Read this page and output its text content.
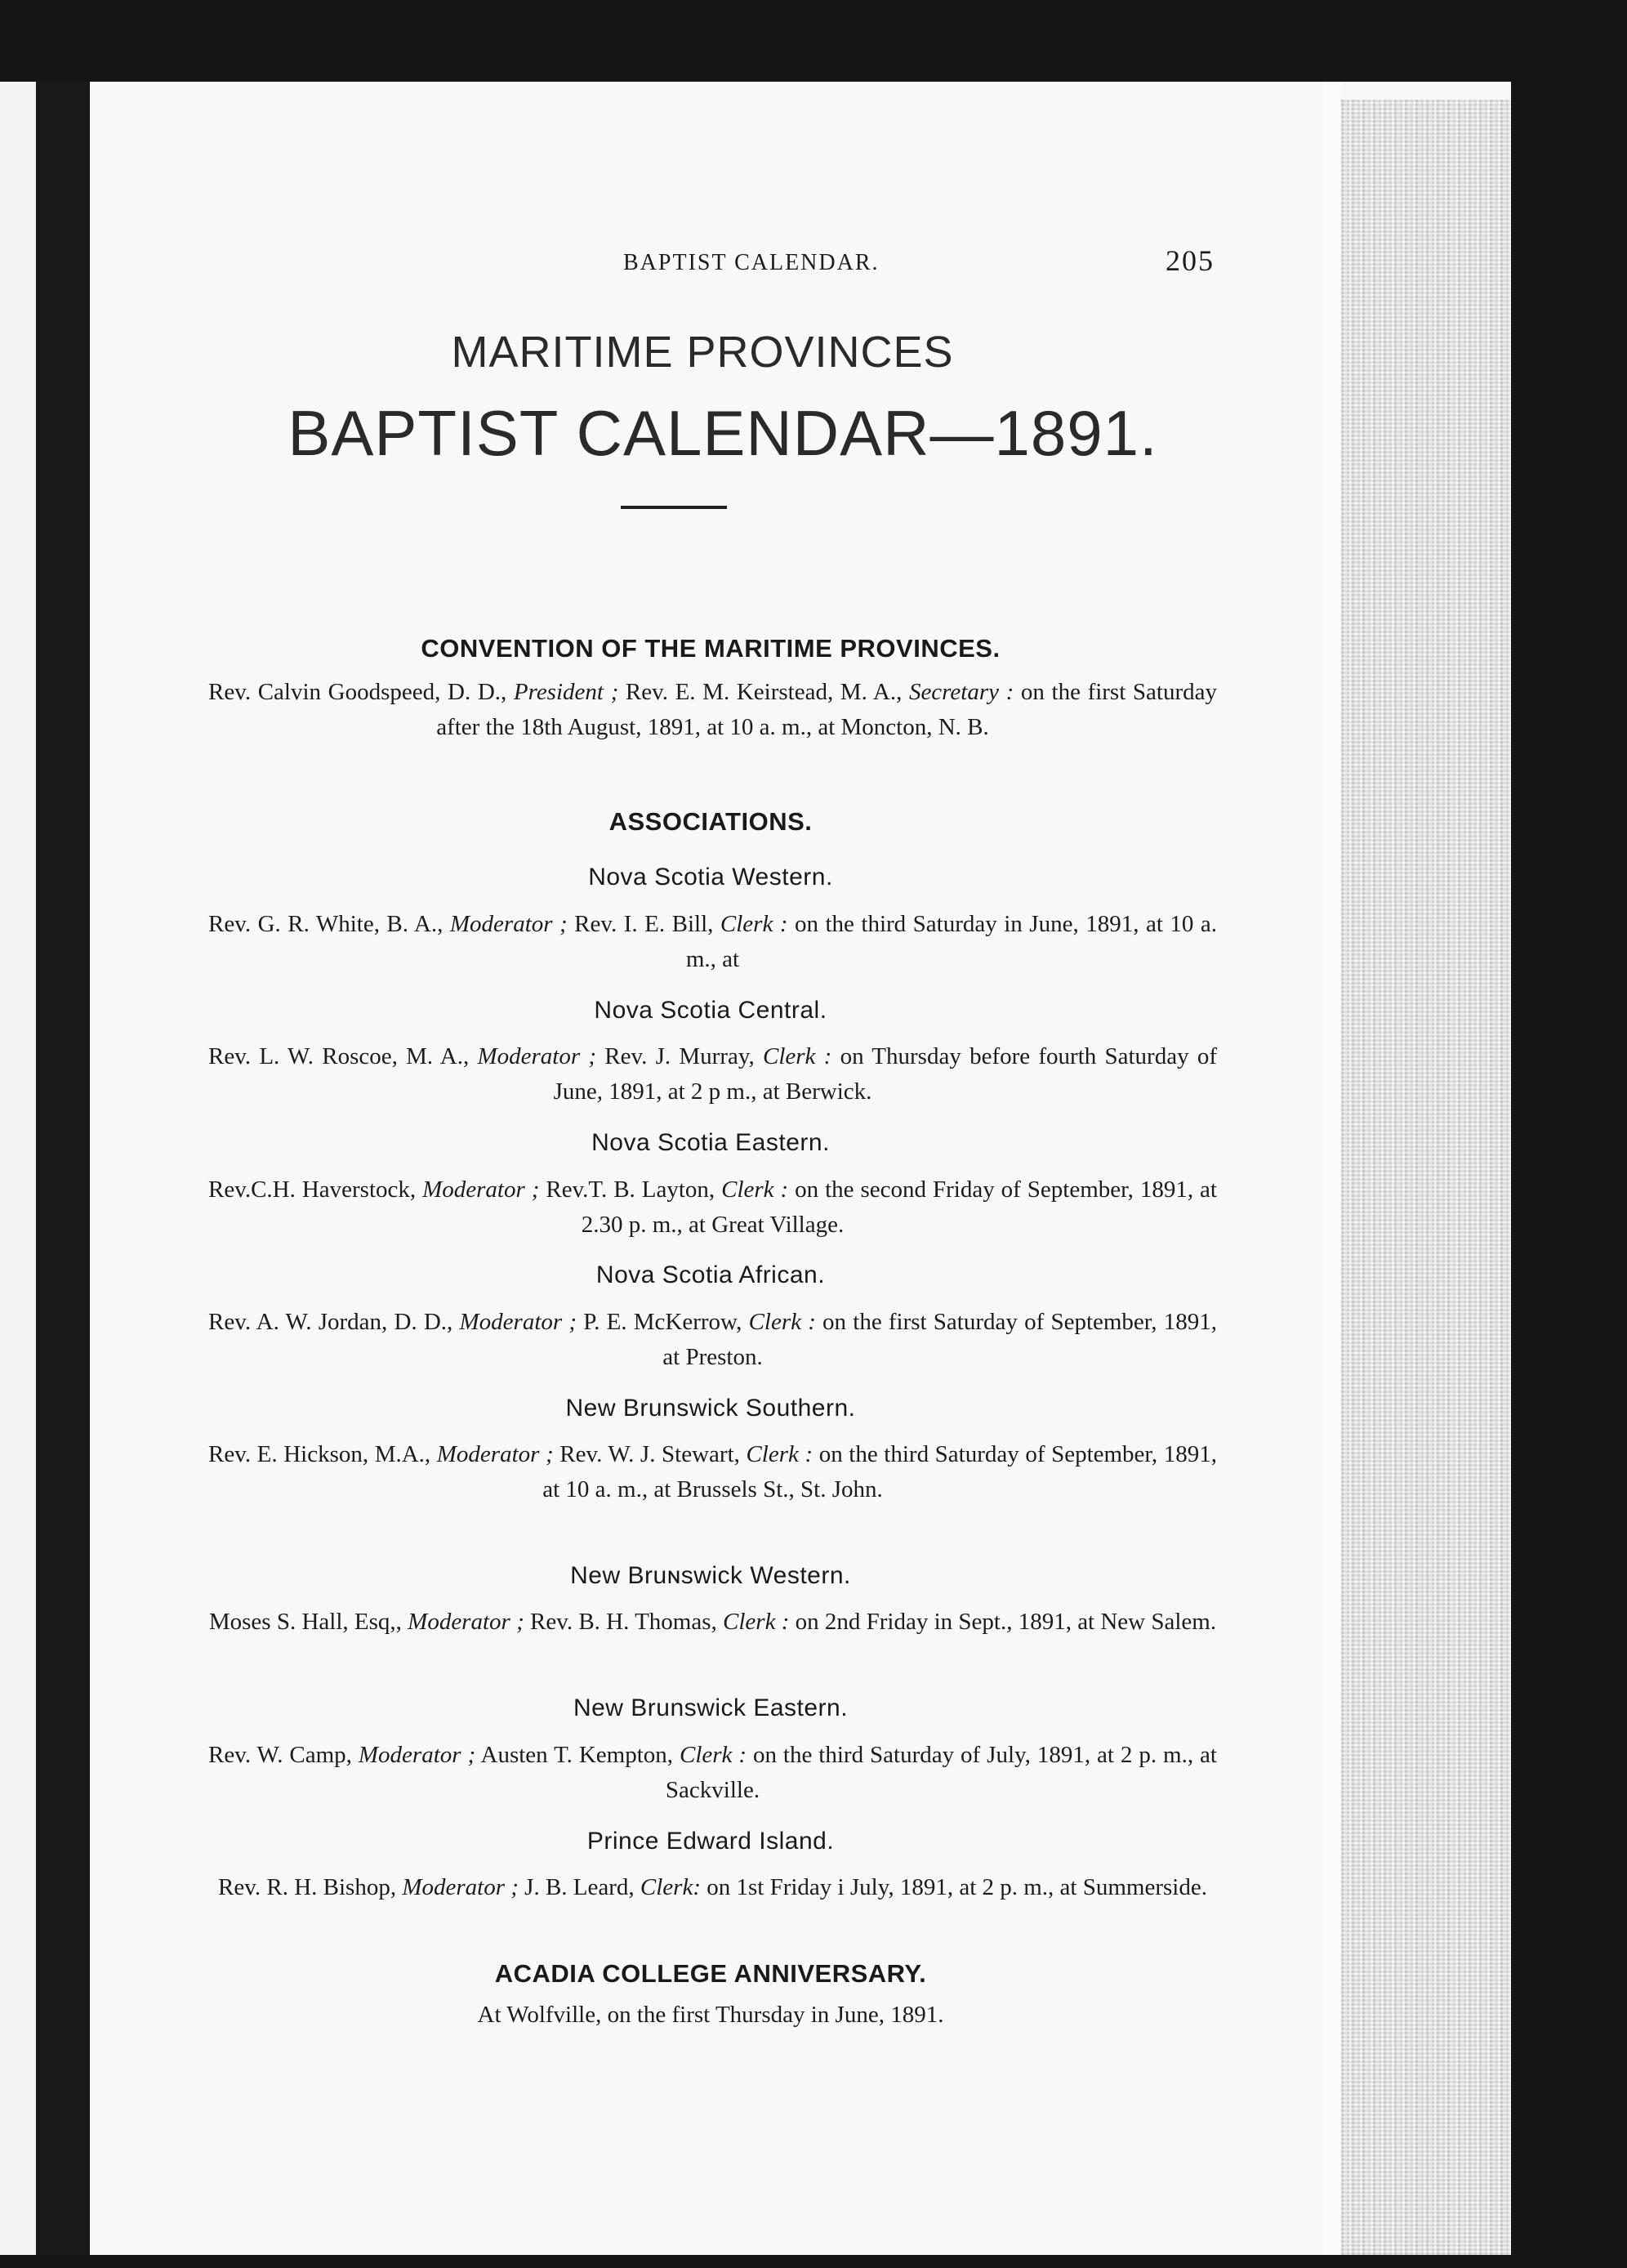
BAPTIST CALENDAR.	205
MARITIME PROVINCES
BAPTIST CALENDAR—1891.
CONVENTION OF THE MARITIME PROVINCES.
Rev. Calvin Goodspeed, D. D., President ; Rev. E. M. Keirstead, M. A., Secretary : on the first Saturday after the 18th August, 1891, at 10 a. m., at Moncton, N. B.
ASSOCIATIONS.
Nova Scotia Western.
Rev. G. R. White, B. A., Moderator ; Rev. I. E. Bill, Clerk : on the third Saturday in June, 1891, at 10 a. m., at
Nova Scotia Central.
Rev. L. W. Roscoe, M. A., Moderator ; Rev. J. Murray, Clerk : on Thursday before fourth Saturday of June, 1891, at 2 p m., at Berwick.
Nova Scotia Eastern.
Rev.C.H. Haverstock, Moderator ; Rev.T. B. Layton, Clerk : on the second Friday of September, 1891, at 2.30 p. m., at Great Village.
Nova Scotia African.
Rev. A. W. Jordan, D. D., Moderator ; P. E. McKerrow, Clerk : on the first Saturday of September, 1891, at Preston.
New Brunswick Southern.
Rev. E. Hickson, M.A., Moderator ; Rev. W. J. Stewart, Clerk : on the third Saturday of September, 1891, at 10 a. m., at Brussels St., St. John.
New Bruɴswick Western.
Moses S. Hall, Esq,, Moderator ; Rev. B. H. Thomas, Clerk : on 2nd Friday in Sept., 1891, at New Salem.
New Brunswick Eastern.
Rev. W. Camp, Moderator ; Austen T. Kempton, Clerk : on the third Saturday of July, 1891, at 2 p. m., at Sackville.
Prince Edward Island.
Rev. R. H. Bishop, Moderator ; J. B. Leard, Clerk: on 1st Friday i July, 1891, at 2 p. m., at Summerside.
ACADIA COLLEGE ANNIVERSARY.
At Wolfville, on the first Thursday in June, 1891.
